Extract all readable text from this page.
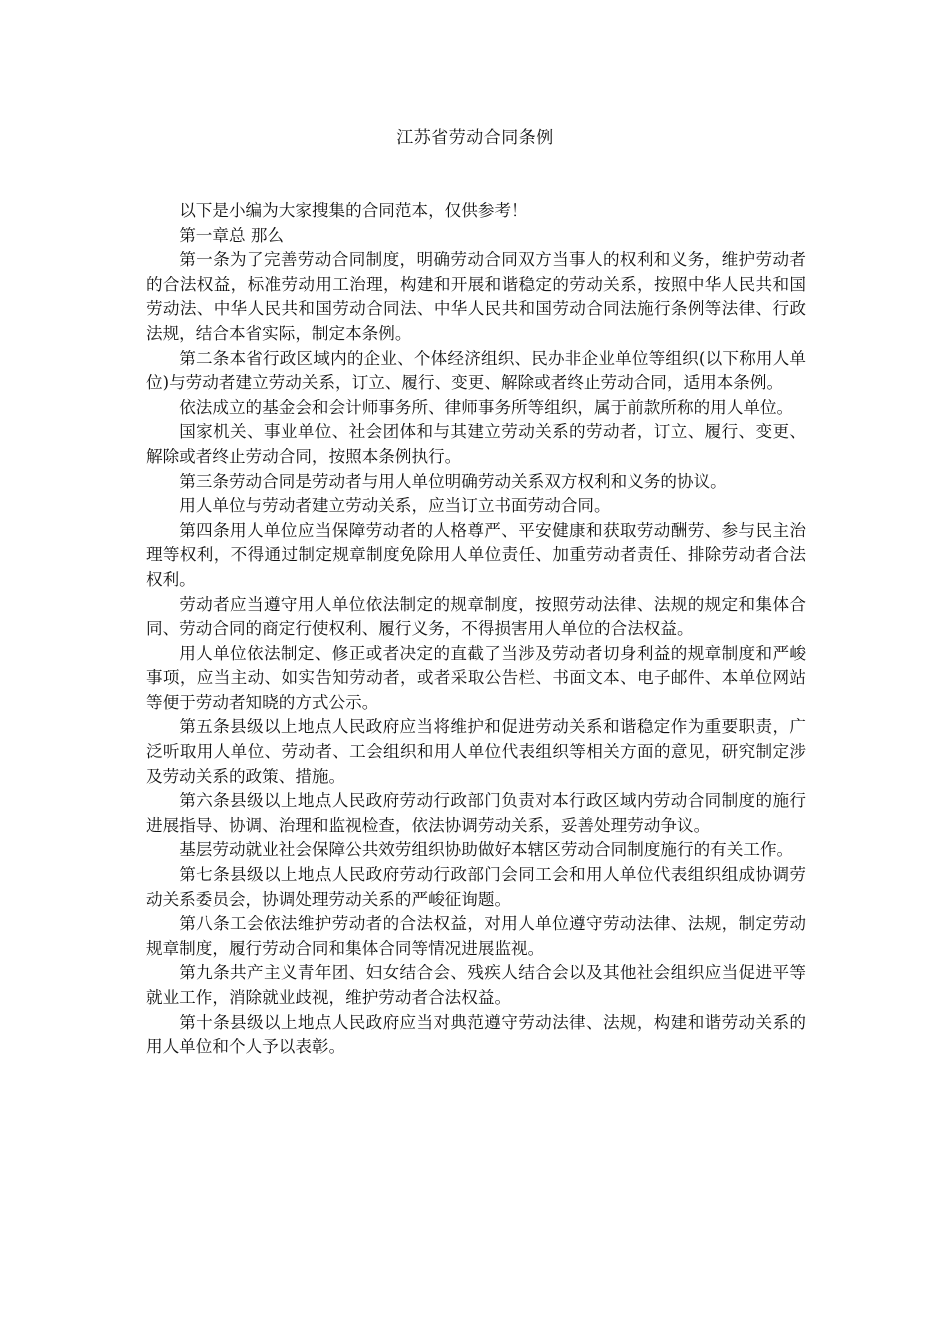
江苏省劳动合同条例

以下是小编为大家搜集的合同范本，仅供参考！

第一章总 那么

第一条为了完善劳动合同制度，明确劳动合同双方当事人的权利和义务，维护劳动者的合法权益，标准劳动用工治理，构建和开展和谐稳定的劳动关系，按照中华人民共和国劳动法、中华人民共和国劳动合同法、中华人民共和国劳动合同法施行条例等法律、行政法规，结合本省实际，制定本条例。

第二条本省行政区域内的企业、个体经济组织、民办非企业单位等组织(以下称用人单位)与劳动者建立劳动关系，订立、履行、变更、解除或者终止劳动合同，适用本条例。

依法成立的基金会和会计师事务所、律师事务所等组织，属于前款所称的用人单位。

国家机关、事业单位、社会团体和与其建立劳动关系的劳动者，订立、履行、变更、解除或者终止劳动合同，按照本条例执行。

第三条劳动合同是劳动者与用人单位明确劳动关系双方权利和义务的协议。

用人单位与劳动者建立劳动关系，应当订立书面劳动合同。

第四条用人单位应当保障劳动者的人格尊严、平安健康和获取劳动酬劳、参与民主治理等权利，不得通过制定规章制度免除用人单位责任、加重劳动者责任、排除劳动者合法权利。

劳动者应当遵守用人单位依法制定的规章制度，按照劳动法律、法规的规定和集体合同、劳动合同的商定行使权利、履行义务，不得损害用人单位的合法权益。

用人单位依法制定、修正或者决定的直截了当涉及劳动者切身利益的规章制度和严峻事项，应当主动、如实告知劳动者，或者采取公告栏、书面文本、电子邮件、本单位网站等便于劳动者知晓的方式公示。

第五条县级以上地点人民政府应当将维护和促进劳动关系和谐稳定作为重要职责，广泛听取用人单位、劳动者、工会组织和用人单位代表组织等相关方面的意见，研究制定涉及劳动关系的政策、措施。

第六条县级以上地点人民政府劳动行政部门负责对本行政区域内劳动合同制度的施行进展指导、协调、治理和监视检查，依法协调劳动关系，妥善处理劳动争议。

基层劳动就业社会保障公共效劳组织协助做好本辖区劳动合同制度施行的有关工作。

第七条县级以上地点人民政府劳动行政部门会同工会和用人单位代表组织组成协调劳动关系委员会，协调处理劳动关系的严峻征询题。

第八条工会依法维护劳动者的合法权益，对用人单位遵守劳动法律、法规，制定劳动规章制度，履行劳动合同和集体合同等情况进展监视。

第九条共产主义青年团、妇女结合会、残疾人结合会以及其他社会组织应当促进平等就业工作，消除就业歧视，维护劳动者合法权益。

第十条县级以上地点人民政府应当对典范遵守劳动法律、法规，构建和谐劳动关系的用人单位和个人予以表彰。
